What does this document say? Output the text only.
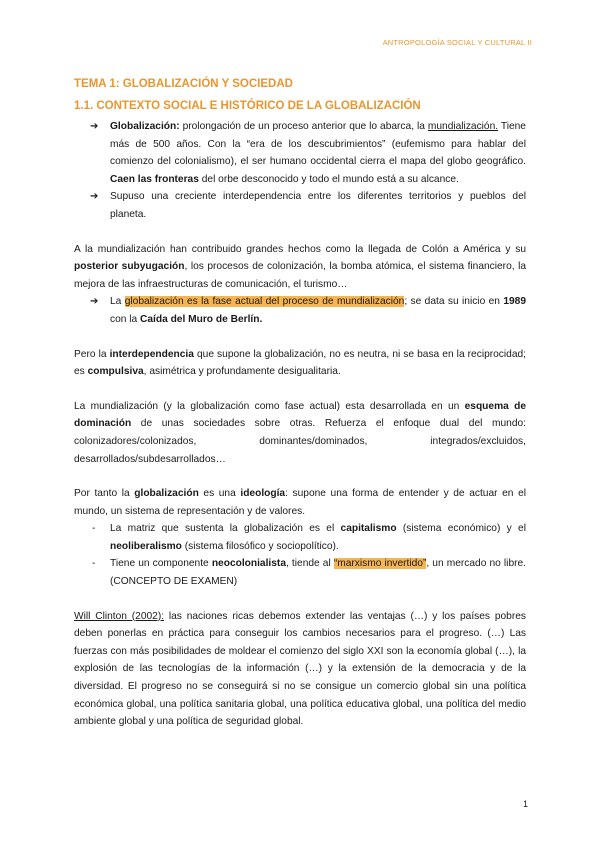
ANTROPOLOGÍA SOCIAL Y CULTURAL II
TEMA 1: GLOBALIZACIÓN Y SOCIEDAD
1.1. CONTEXTO SOCIAL E HISTÓRICO DE LA GLOBALIZACIÓN
➔ Globalización: prolongación de un proceso anterior que lo abarca, la mundialización. Tiene más de 500 años. Con la “era de los descubrimientos” (eufemismo para hablar del comienzo del colonialismo), el ser humano occidental cierra el mapa del globo geográfico. Caen las fronteras del orbe desconocido y todo el mundo está a su alcance.
➔ Supuso una creciente interdependencia entre los diferentes territorios y pueblos del planeta.

A la mundialización han contribuido grandes hechos como la llegada de Colón a América y su posterior subyugación, los procesos de colonización, la bomba atómica, el sistema financiero, la mejora de las infraestructuras de comunicación, el turismo…

➔ La globalización es la fase actual del proceso de mundialización; se data su inicio en 1989 con la Caída del Muro de Berlín.

Pero la interdependencia que supone la globalización, no es neutra, ni se basa en la reciprocidad; es compulsiva, asimétrica y profundamente desigualitaria.

La mundialización (y la globalización como fase actual) esta desarrollada en un esquema de dominación de unas sociedades sobre otras. Refuerza el enfoque dual del mundo: colonizadores/colonizados, dominantes/dominados, integrados/excluidos, desarrollados/subdesarrollados…

Por tanto la globalización es una ideología: supone una forma de entender y de actuar en el mundo, un sistema de representación y de valores.

- La matriz que sustenta la globalización es el capitalismo (sistema económico) y el neoliberalismo (sistema filosófico y sociopolítico).
- Tiene un componente neocolonialista, tiende al “marxismo invertido”, un mercado no libre. (CONCEPTO DE EXAMEN)

Will Clinton (2002): las naciones ricas debemos extender las ventajas (…) y los países pobres deben ponerlas en práctica para conseguir los cambios necesarios para el progreso. (…) Las fuerzas con más posibilidades de moldear el comienzo del siglo XXI son la economía global (…), la explosión de las tecnologías de la información (…) y la extensión de la democracia y de la diversidad. El progreso no se conseguirá si no se consigue un comercio global sin una política económica global, una política sanitaria global, una política educativa global, una política del medio ambiente global y una política de seguridad global.

1
